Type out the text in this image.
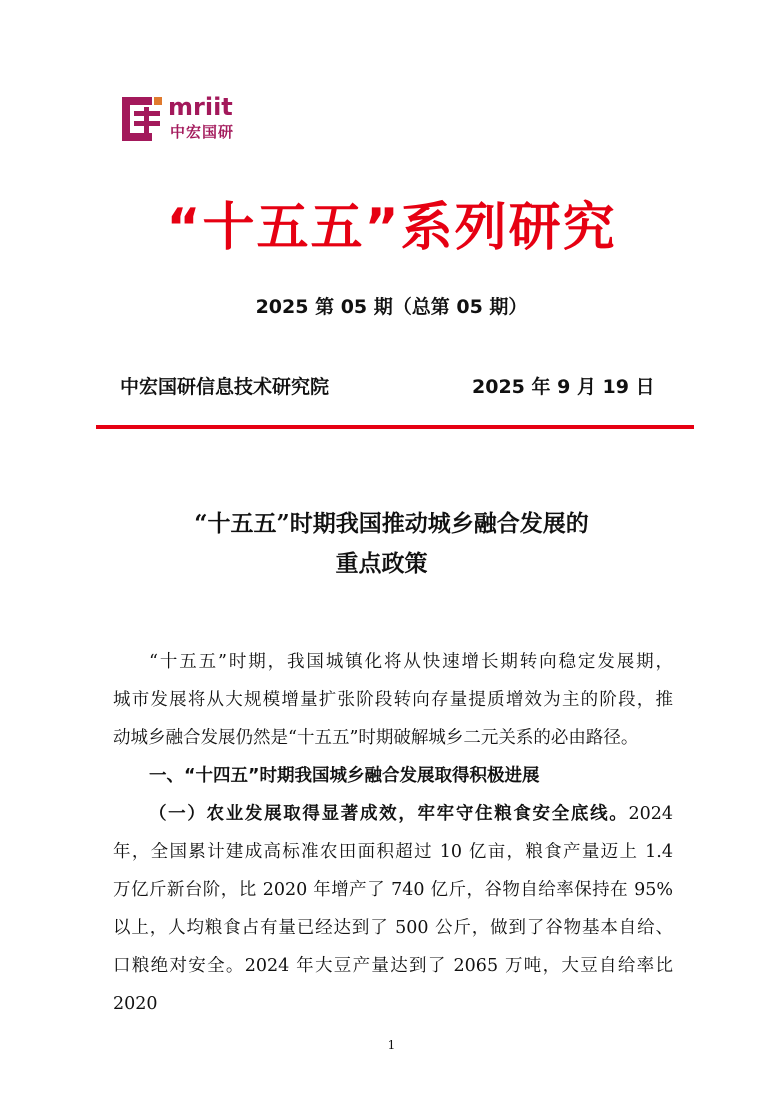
mriit
中宏国研
“十五五”系列研究
2025 第 05 期（总第 05 期）
中宏国研信息技术研究院	2025 年 9 月 19 日
“十五五”时期我国推动城乡融合发展的
重点政策

“十五五”时期，我国城镇化将从快速增长期转向稳定发展期，

城市发展将从大规模增量扩张阶段转向存量提质增效为主的阶段，推

动城乡融合发展仍然是“十五五”时期破解城乡二元关系的必由路径。

一、“十四五”时期我国城乡融合发展取得积极进展

（一）农业发展取得显著成效，牢牢守住粮食安全底线。2024

年，全国累计建成高标准农田面积超过 10 亿亩，粮食产量迈上 1.4

万亿斤新台阶，比 2020 年增产了 740 亿斤，谷物自给率保持在 95%

以上，人均粮食占有量已经达到了 500 公斤，做到了谷物基本自给、

口粮绝对安全。2024 年大豆产量达到了 2065 万吨，大豆自给率比 2020

1
